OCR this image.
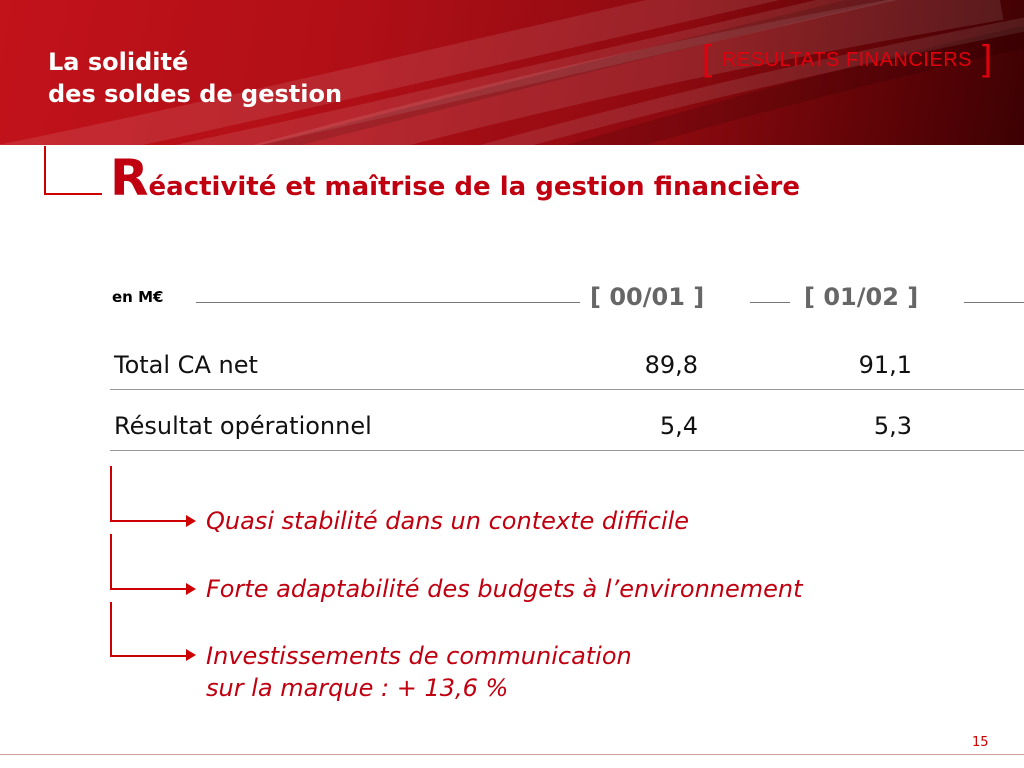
La solidité
des soldes de gestion
[ RESULTATS FINANCIERS ]
Réactivité et maîtrise de la gestion financière
en M€	[ 00/01 ]	[ 01/02 ]
Total CA net	89,8	91,1
Résultat opérationnel	5,4	5,3
Quasi stabilité dans un contexte difficile
Forte adaptabilité des budgets à l’environnement
Investissements de communication
sur la marque : + 13,6 %
15
